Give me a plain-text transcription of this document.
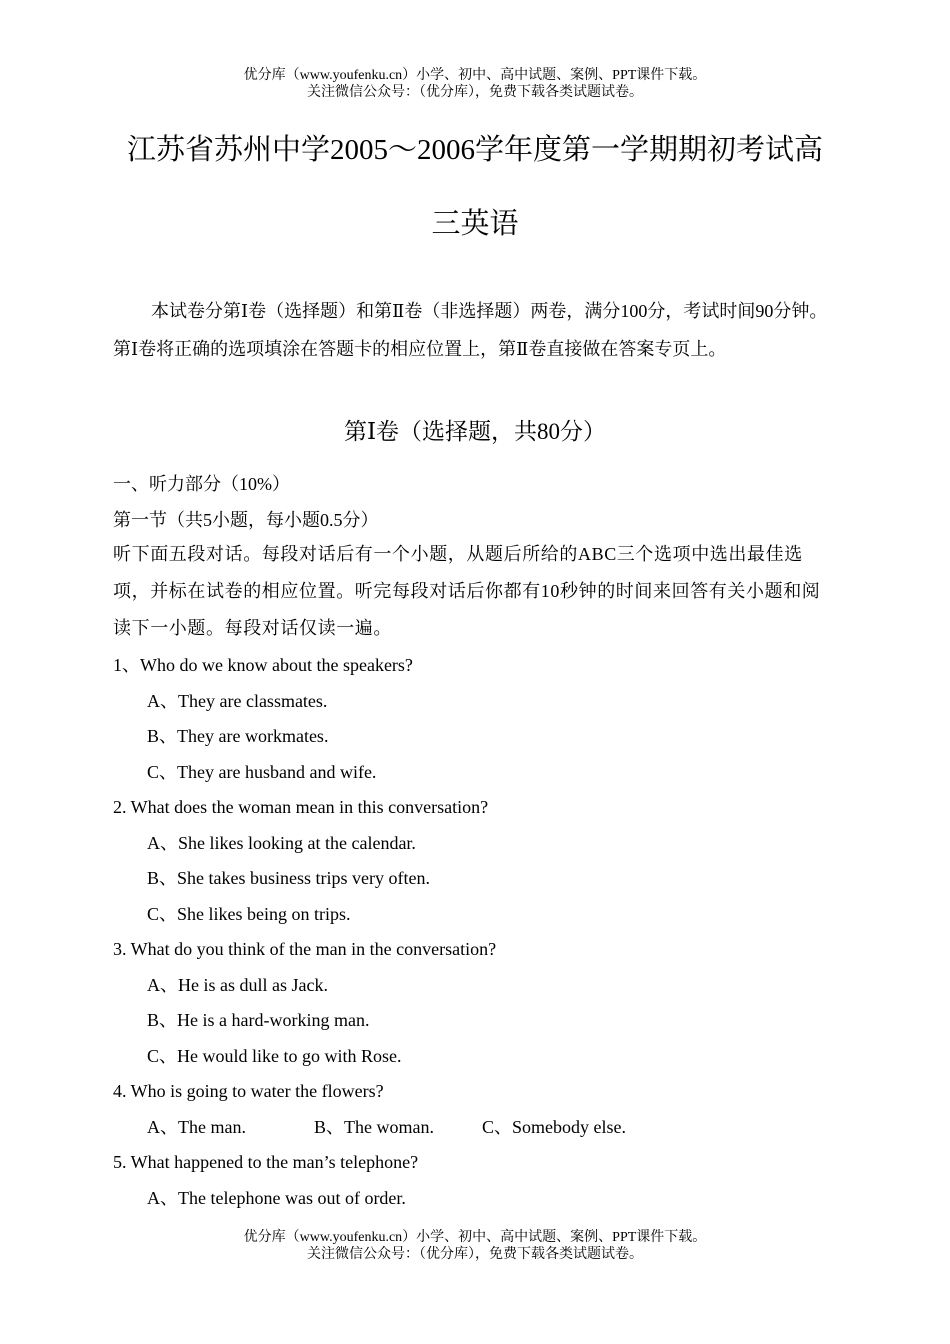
优分库（www.youfenku.cn）小学、初中、高中试题、案例、PPT课件下载。
关注微信公众号：（优分库），免费下载各类试题试卷。
江苏省苏州中学2005～2006学年度第一学期期初考试高
三英语
本试卷分第Ⅰ卷（选择题）和第Ⅱ卷（非选择题）两卷，满分100分，考试时间90分钟。第Ⅰ卷将正确的选项填涂在答题卡的相应位置上，第Ⅱ卷直接做在答案专页上。
第Ⅰ卷（选择题，共80分）
一、听力部分（10%）
第一节（共5小题，每小题0.5分）
听下面五段对话。每段对话后有一个小题，从题后所给的ABC三个选项中选出最佳选项，并标在试卷的相应位置。听完每段对话后你都有10秒钟的时间来回答有关小题和阅读下一小题。每段对话仅读一遍。
1、Who do we know about the speakers?
A、They are classmates.
B、They are workmates.
C、They are husband and wife.
2. What does the woman mean in this conversation?
A、She likes looking at the calendar.
B、She takes business trips very often.
C、She likes being on trips.
3. What do you think of the man in the conversation?
A、He is as dull as Jack.
B、He is a hard-working man.
C、He would like to go with Rose.
4. Who is going to water the flowers?
A、The man.	B、The woman.	C、Somebody else.
5. What happened to the man’s telephone?
A、The telephone was out of order.
优分库（www.youfenku.cn）小学、初中、高中试题、案例、PPT课件下载。
关注微信公众号：（优分库），免费下载各类试题试卷。
